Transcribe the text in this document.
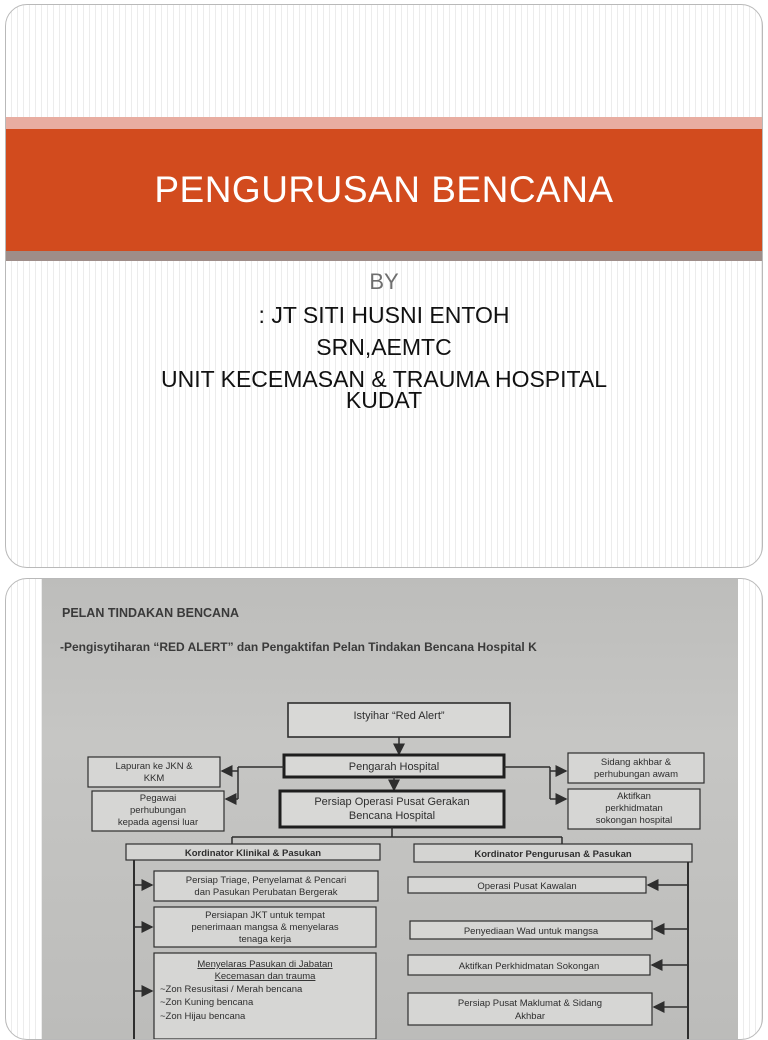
PENGURUSAN BENCANA
BY
: JT SITI HUSNI ENTOH
SRN,AEMTC
UNIT KECEMASAN & TRAUMA HOSPITAL
KUDAT
PELAN TINDAKAN BENCANA
-Pengisytiharan “RED ALERT” dan Pengaktifan Pelan Tindakan Bencana Hospital K
Istyihar “Red Alert”
Pengarah Hospital
Persiap Operasi Pusat Gerakan
Bencana Hospital
Lapuran ke JKN &
KKM
Pegawai
perhubungan
kepada agensi luar
Sidang akhbar &
perhubungan awam
Aktifkan
perkhidmatan
sokongan hospital
Kordinator Klinikal & Pasukan	Kordinator Pengurusan & Pasukan
Persiap Triage, Penyelamat & Pencari
dan Pasukan Perubatan Bergerak
Persiapan JKT untuk tempat
penerimaan mangsa & menyelaras
tenaga kerja
Menyelaras Pasukan di Jabatan
Kecemasan dan trauma
~Zon Resusitasi / Merah bencana
~Zon Kuning bencana
~Zon Hijau bencana
Operasi Pusat Kawalan
Penyediaan Wad untuk mangsa
Aktifkan Perkhidmatan Sokongan
Persiap Pusat Maklumat & Sidang
Akhbar
